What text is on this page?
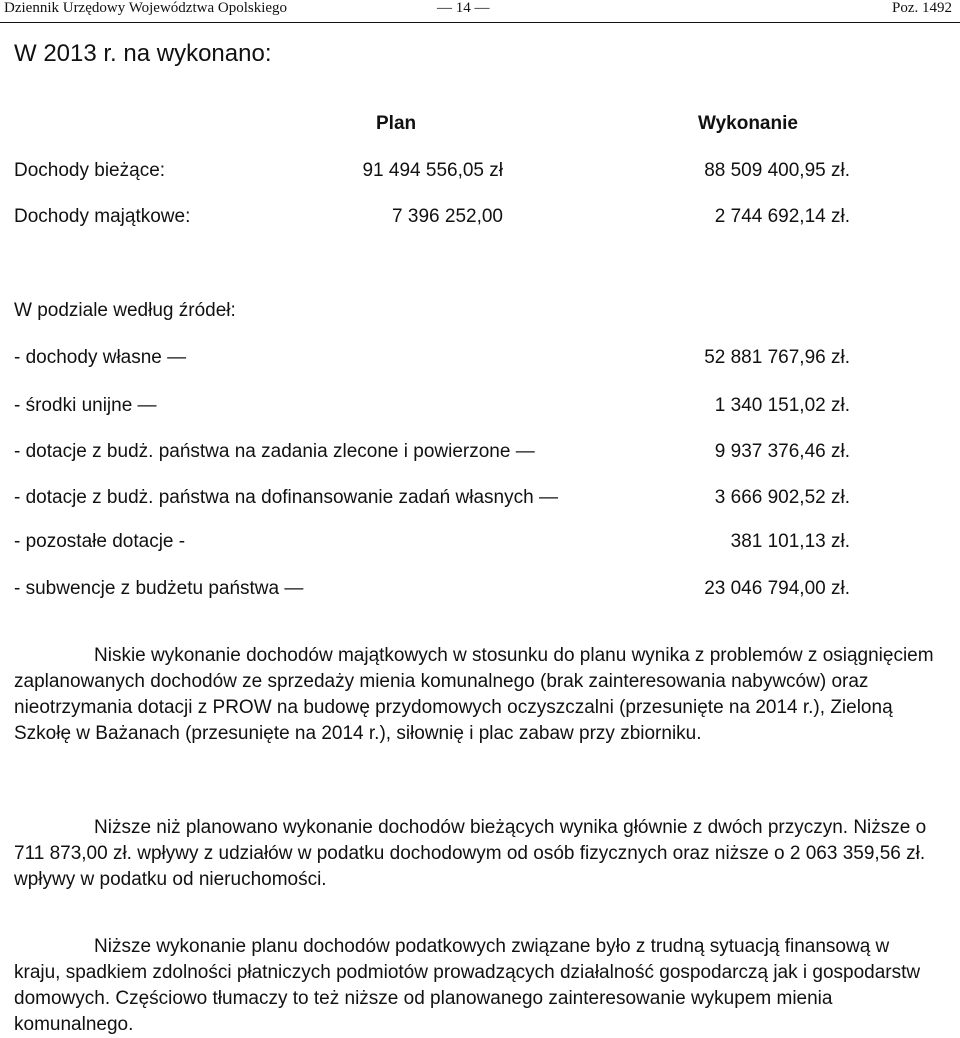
Dziennik Urzędowy Województwa Opolskiego	— 14 —	Poz. 1492
W 2013 r. na wykonano:
Plan	Wykonanie
Dochody bieżące:	91 494 556,05 zł	88 509 400,95 zł.
Dochody majątkowe:	7 396 252,00	2 744 692,14 zł.
W podziale według źródeł:
- dochody własne —	52 881 767,96 zł.
- środki unijne —	1 340 151,02 zł.
- dotacje z budż. państwa na zadania zlecone i powierzone —	9 937 376,46 zł.
- dotacje z budż. państwa na dofinansowanie zadań własnych —	3 666 902,52 zł.
- pozostałe dotacje -	381 101,13 zł.
- subwencje z budżetu państwa —	23 046 794,00 zł.
Niskie wykonanie dochodów majątkowych w stosunku do planu wynika z problemów z osiągnięciem zaplanowanych dochodów ze sprzedaży mienia komunalnego (brak zainteresowania nabywców) oraz nieotrzymania dotacji z PROW na budowę przydomowych oczyszczalni (przesunięte na 2014 r.), Zieloną Szkołę w Bażanach (przesunięte na 2014 r.), siłownię i plac zabaw przy zbiorniku.
Niższe niż planowano wykonanie dochodów bieżących wynika głównie z dwóch przyczyn. Niższe o 711 873,00 zł. wpływy z udziałów w podatku dochodowym od osób fizycznych oraz niższe o 2 063 359,56 zł. wpływy w podatku od nieruchomości.
Niższe wykonanie planu dochodów podatkowych związane było z trudną sytuacją finansową w kraju, spadkiem zdolności płatniczych podmiotów prowadzących działalność gospodarczą jak i gospodarstw domowych. Częściowo tłumaczy to też niższe od planowanego zainteresowanie wykupem mienia komunalnego.
